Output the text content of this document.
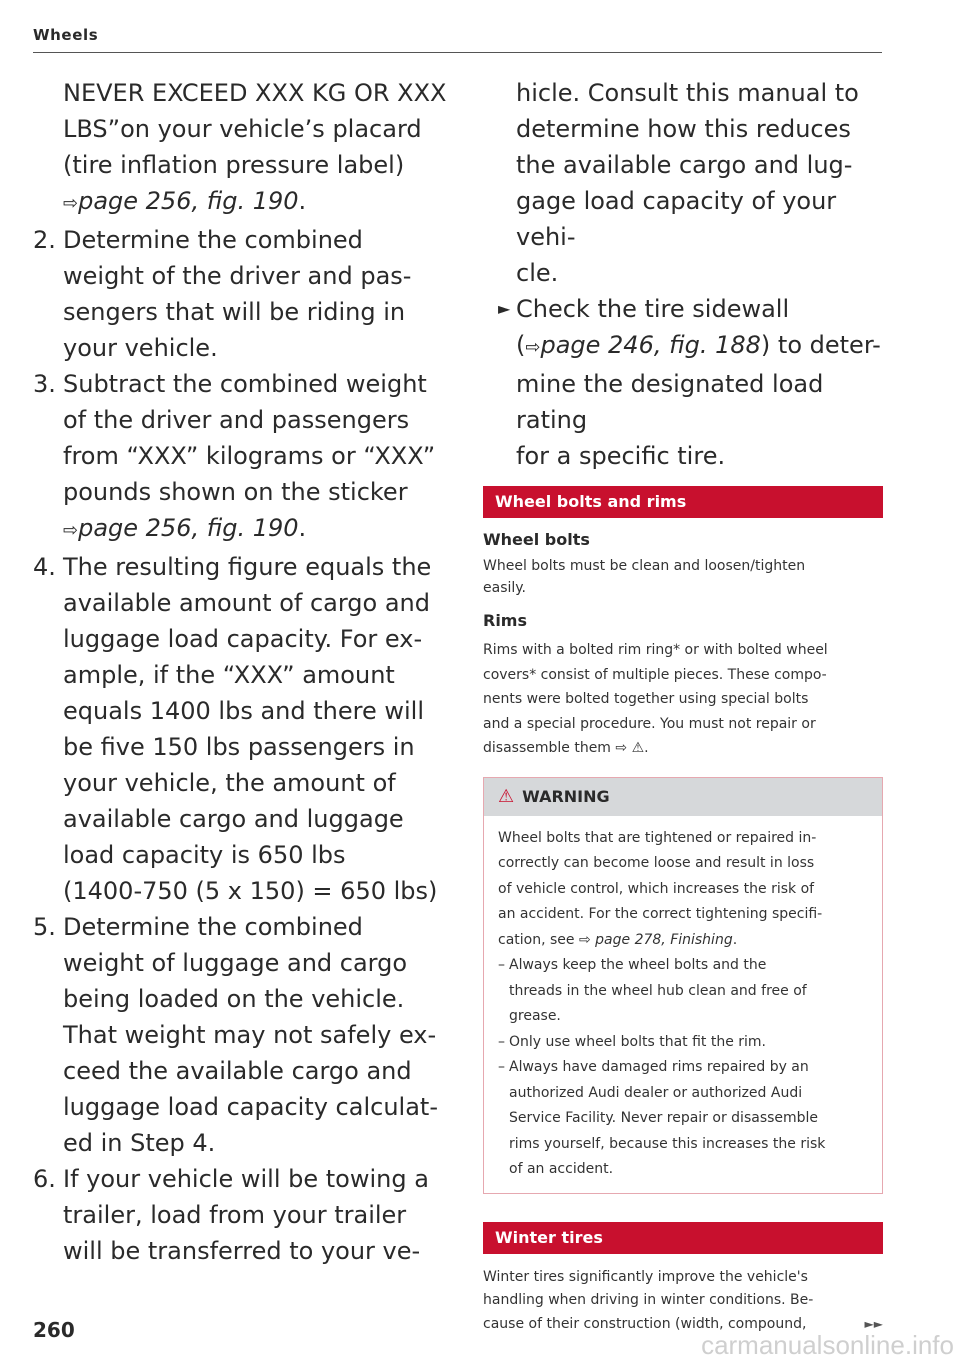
Wheels
NEVER EXCEED XXX KG OR XXX
LBS”on your vehicle’s placard
(tire inflation pressure label)
⇨page 256, fig. 190.
2. Determine the combined
weight of the driver and pas-
sengers that will be riding in
your vehicle.
3. Subtract the combined weight
of the driver and passengers
from “XXX” kilograms or “XXX”
pounds shown on the sticker
⇨page 256, fig. 190.
4. The resulting figure equals the
available amount of cargo and
luggage load capacity. For ex-
ample, if the “XXX” amount
equals 1400 lbs and there will
be five 150 lbs passengers in
your vehicle, the amount of
available cargo and luggage
load capacity is 650 lbs
(1400-750 (5 x 150) = 650 lbs)
5. Determine the combined
weight of luggage and cargo
being loaded on the vehicle.
That weight may not safely ex-
ceed the available cargo and
luggage load capacity calculat-
ed in Step 4.
6. If your vehicle will be towing a
trailer, load from your trailer
will be transferred to your ve-
hicle. Consult this manual to
determine how this reduces
the available cargo and lug-
gage load capacity of your vehi-
cle.
► Check the tire sidewall
(⇨page 246, fig. 188) to deter-
mine the designated load rating
for a specific tire.
Wheel bolts and rims
Wheel bolts
Wheel bolts must be clean and loosen/tighten
easily.
Rims
Rims with a bolted rim ring* or with bolted wheel
covers* consist of multiple pieces. These compo-
nents were bolted together using special bolts
and a special procedure. You must not repair or
disassemble them ⇨ ⚠.
⚠ WARNING
Wheel bolts that are tightened or repaired in-
correctly can become loose and result in loss
of vehicle control, which increases the risk of
an accident. For the correct tightening specifi-
cation, see ⇨ page 278, Finishing.
– Always keep the wheel bolts and the
threads in the wheel hub clean and free of
grease.
– Only use wheel bolts that fit the rim.
– Always have damaged rims repaired by an
authorized Audi dealer or authorized Audi
Service Facility. Never repair or disassemble
rims yourself, because this increases the risk
of an accident.
Winter tires
Winter tires significantly improve the vehicle's
handling when driving in winter conditions. Be-
cause of their construction (width, compound,	►►
260	carmanualsonline.info
